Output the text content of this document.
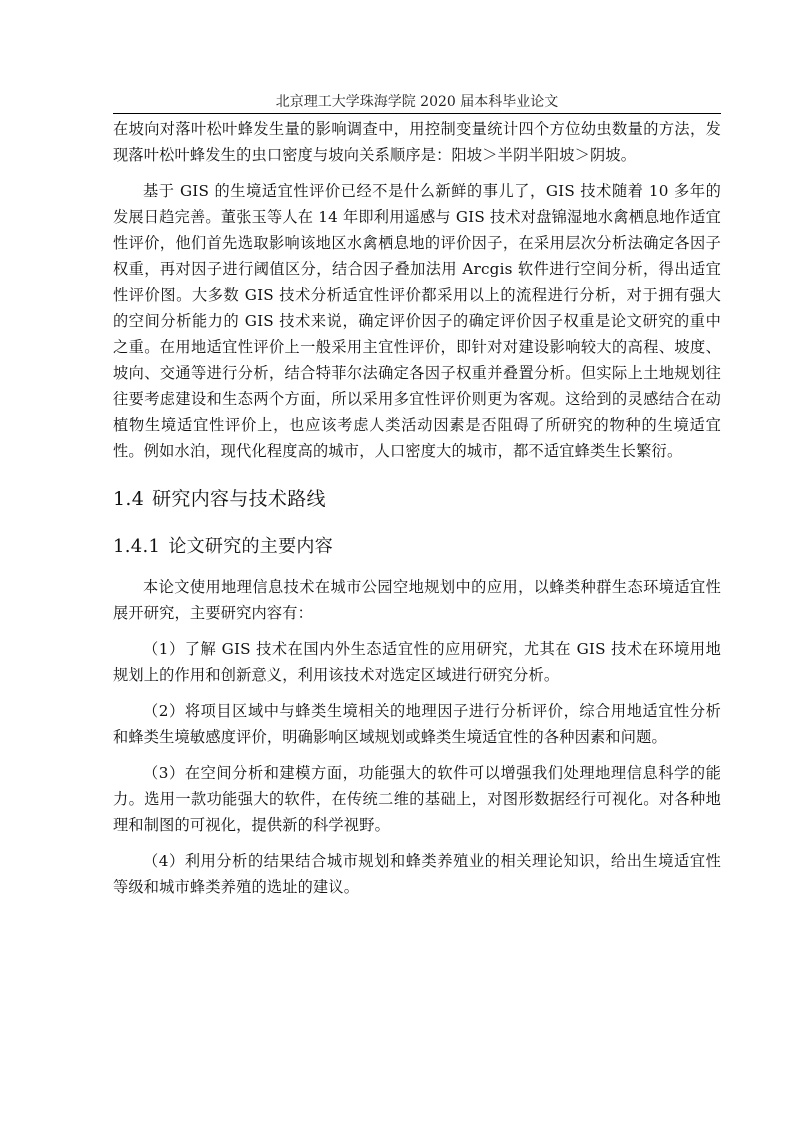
北京理工大学珠海学院 2020 届本科毕业论文

在坡向对落叶松叶蜂发生量的影响调查中，用控制变量统计四个方位幼虫数量的方法，发现落叶松叶蜂发生的虫口密度与坡向关系顺序是：阳坡＞半阴半阳坡＞阴坡。

基于 GIS 的生境适宜性评价已经不是什么新鲜的事儿了，GIS 技术随着 10 多年的发展日趋完善。董张玉等人在 14 年即利用遥感与 GIS 技术对盘锦湿地水禽栖息地作适宜性评价，他们首先选取影响该地区水禽栖息地的评价因子，在采用层次分析法确定各因子权重，再对因子进行阈值区分，结合因子叠加法用 Arcgis 软件进行空间分析，得出适宜性评价图。大多数 GIS 技术分析适宜性评价都采用以上的流程进行分析，对于拥有强大的空间分析能力的 GIS 技术来说，确定评价因子的确定评价因子权重是论文研究的重中之重。在用地适宜性评价上一般采用主宜性评价，即针对对建设影响较大的高程、坡度、坡向、交通等进行分析，结合特菲尔法确定各因子权重并叠置分析。但实际上土地规划往往要考虑建设和生态两个方面，所以采用多宜性评价则更为客观。这给到的灵感结合在动植物生境适宜性评价上，也应该考虑人类活动因素是否阻碍了所研究的物种的生境适宜性。例如水泊，现代化程度高的城市，人口密度大的城市，都不适宜蜂类生长繁衍。

1.4 研究内容与技术路线
1.4.1 论文研究的主要内容

本论文使用地理信息技术在城市公园空地规划中的应用，以蜂类种群生态环境适宜性展开研究，主要研究内容有：

（1）了解 GIS 技术在国内外生态适宜性的应用研究，尤其在 GIS 技术在环境用地规划上的作用和创新意义，利用该技术对选定区域进行研究分析。

（2）将项目区域中与蜂类生境相关的地理因子进行分析评价，综合用地适宜性分析和蜂类生境敏感度评价，明确影响区域规划或蜂类生境适宜性的各种因素和问题。

（3）在空间分析和建模方面，功能强大的软件可以增强我们处理地理信息科学的能力。选用一款功能强大的软件，在传统二维的基础上，对图形数据经行可视化。对各种地理和制图的可视化，提供新的科学视野。

（4）利用分析的结果结合城市规划和蜂类养殖业的相关理论知识，给出生境适宜性等级和城市蜂类养殖的选址的建议。
